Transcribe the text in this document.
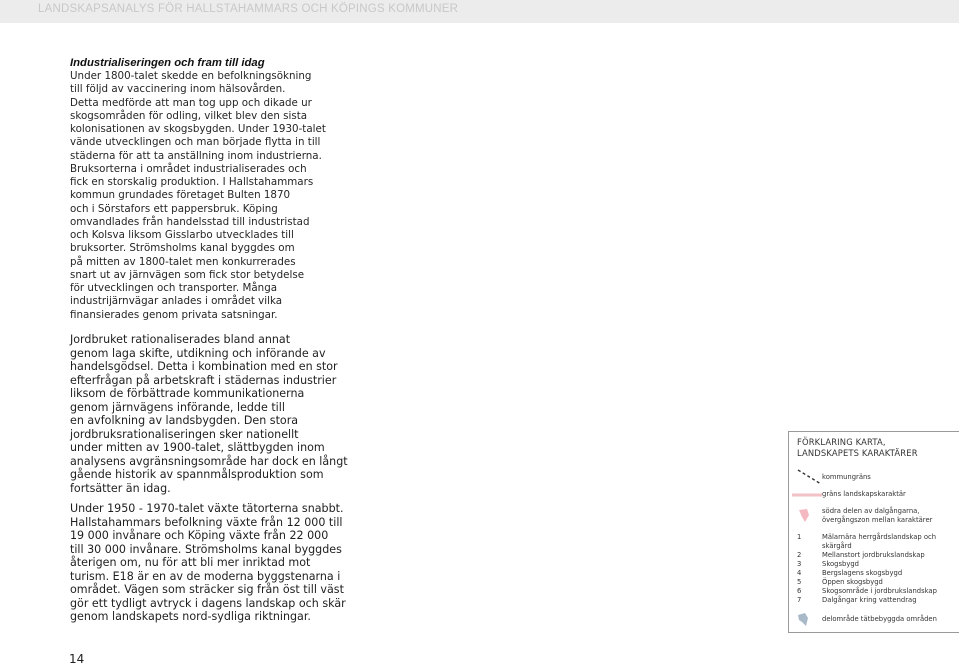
LANDSKAPSANALYS FÖR HALLSTAHAMMARS OCH KÖPINGS KOMMUNER
Industrialiseringen och fram till idag

Under 1800-talet skedde en befolkningsökning
till följd av vaccinering inom hälsovården.
Detta medförde att man tog upp och dikade ur
skogsområden för odling, vilket blev den sista
kolonisationen av skogsbygden. Under 1930-talet
vände utvecklingen och man började flytta in till
städerna för att ta anställning inom industrierna.
Bruksorterna i området industrialiserades och
fick en storskalig produktion. I Hallstahammars
kommun grundades företaget Bulten 1870
och i Sörstafors ett pappersbruk. Köping
omvandlades från handelsstad till industristad
och Kolsva liksom Gisslarbo utvecklades till
bruksorter. Strömsholms kanal byggdes om
på mitten av 1800-talet men konkurrerades
snart ut av järnvägen som fick stor betydelse
för utvecklingen och transporter. Många
industrijärnvägar anlades i området vilka
finansierades genom privata satsningar.

Jordbruket rationaliserades bland annat
genom laga skifte, utdikning och införande av
handelsgödsel. Detta i kombination med en stor
efterfrågan på arbetskraft i städernas industrier
liksom de förbättrade kommunikationerna
genom järnvägens införande, ledde till
en avfolkning av landsbygden. Den stora
jordbruksrationaliseringen sker nationellt
under mitten av 1900-talet, slättbygden inom
analysens avgränsningsområde har dock en långt
gående historik av spannmålsproduktion som
fortsätter än idag.
Under 1950 - 1970-talet växte tätorterna snabbt.
Hallstahammars befolkning växte från 12 000 till
19 000 invånare och Köping växte från 22 000
till 30 000 invånare. Strömsholms kanal byggdes
återigen om, nu för att bli mer inriktad mot
turism. E18 är en av de moderna byggstenarna i
området. Vägen som sträcker sig från öst till väst
gör ett tydligt avtryck i dagens landskap och skär
genom landskapets nord-sydliga riktningar.
FÖRKLARING KARTA,
LANDSKAPETS KARAKTÄRER
kommungräns
gräns landskapskaraktär
södra delen av dalgångarna,
övergångszon mellan karaktärer
1	Mälarnära herrgårdslandskap och
skärgård
2	Mellanstort jordbrukslandskap
3	Skogsbygd
4	Bergslagens skogsbygd
5	Öppen skogsbygd
6	Skogsområde i jordbrukslandskap
7	Dalgångar kring vattendrag
delområde tätbebyggda områden
14
